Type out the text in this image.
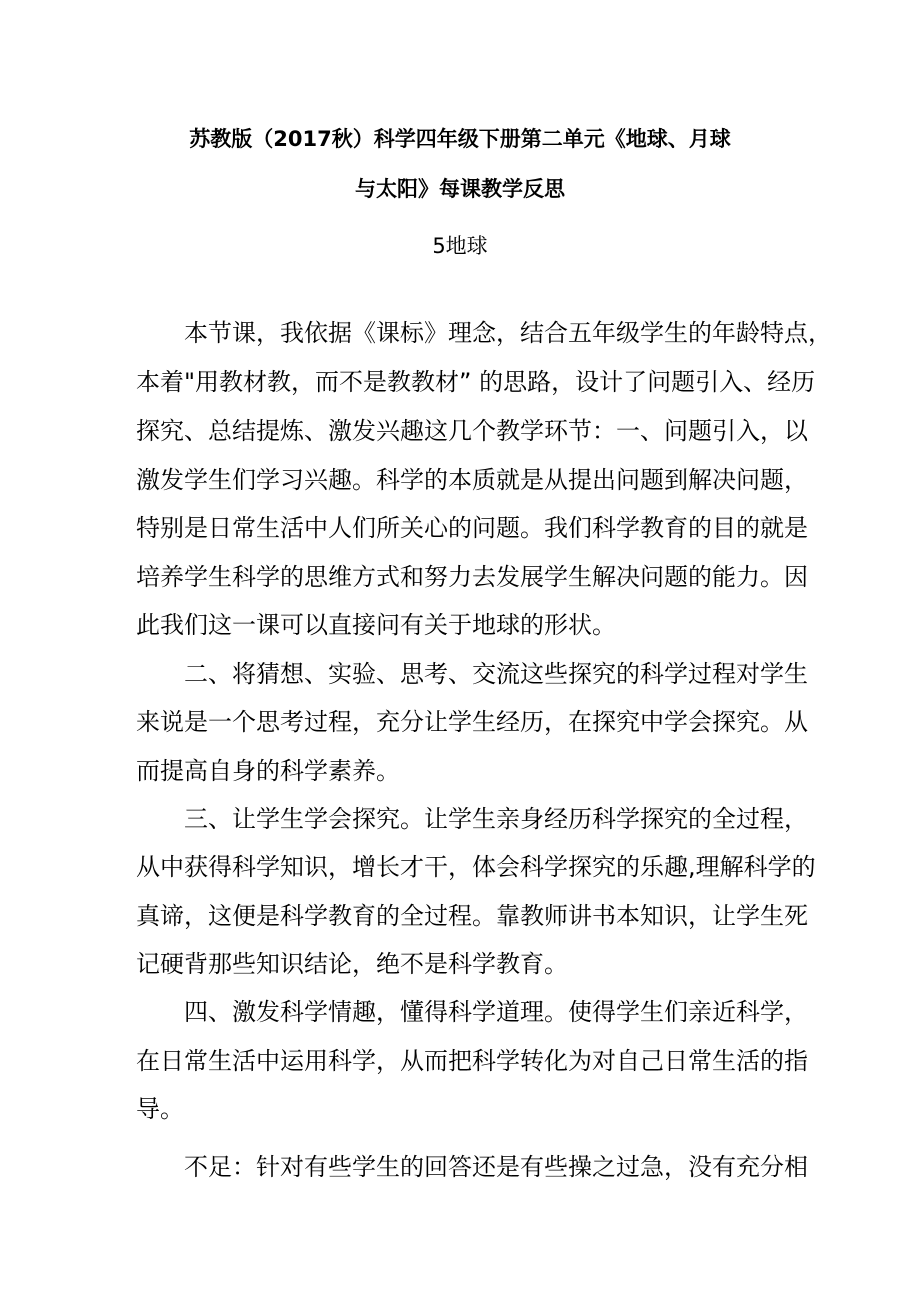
苏教版（2017秋）科学四年级下册第二单元《地球、月球
与太阳》每课教学反思
5地球
本节课，我依据《课标》理念，结合五年级学生的年龄特点，
本着"用教材教，而不是教教材” 的思路，设计了问题引入、经历
探究、总结提炼、激发兴趣这几个教学环节：一、问题引入，以
激发学生们学习兴趣。科学的本质就是从提出问题到解决问题，
特别是日常生活中人们所关心的问题。我们科学教育的目的就是
培养学生科学的思维方式和努力去发展学生解决问题的能力。因
此我们这一课可以直接问有关于地球的形状。
二、将猜想、实验、思考、交流这些探究的科学过程对学生
来说是一个思考过程，充分让学生经历，在探究中学会探究。从
而提高自身的科学素养。
三、让学生学会探究。让学生亲身经历科学探究的全过程，
从中获得科学知识，增长才干，体会科学探究的乐趣,理解科学的
真谛，这便是科学教育的全过程。靠教师讲书本知识，让学生死
记硬背那些知识结论，绝不是科学教育。
四、激发科学情趣，懂得科学道理。使得学生们亲近科学，
在日常生活中运用科学，从而把科学转化为对自己日常生活的指
导。
不足：针对有些学生的回答还是有些操之过急，没有充分相
